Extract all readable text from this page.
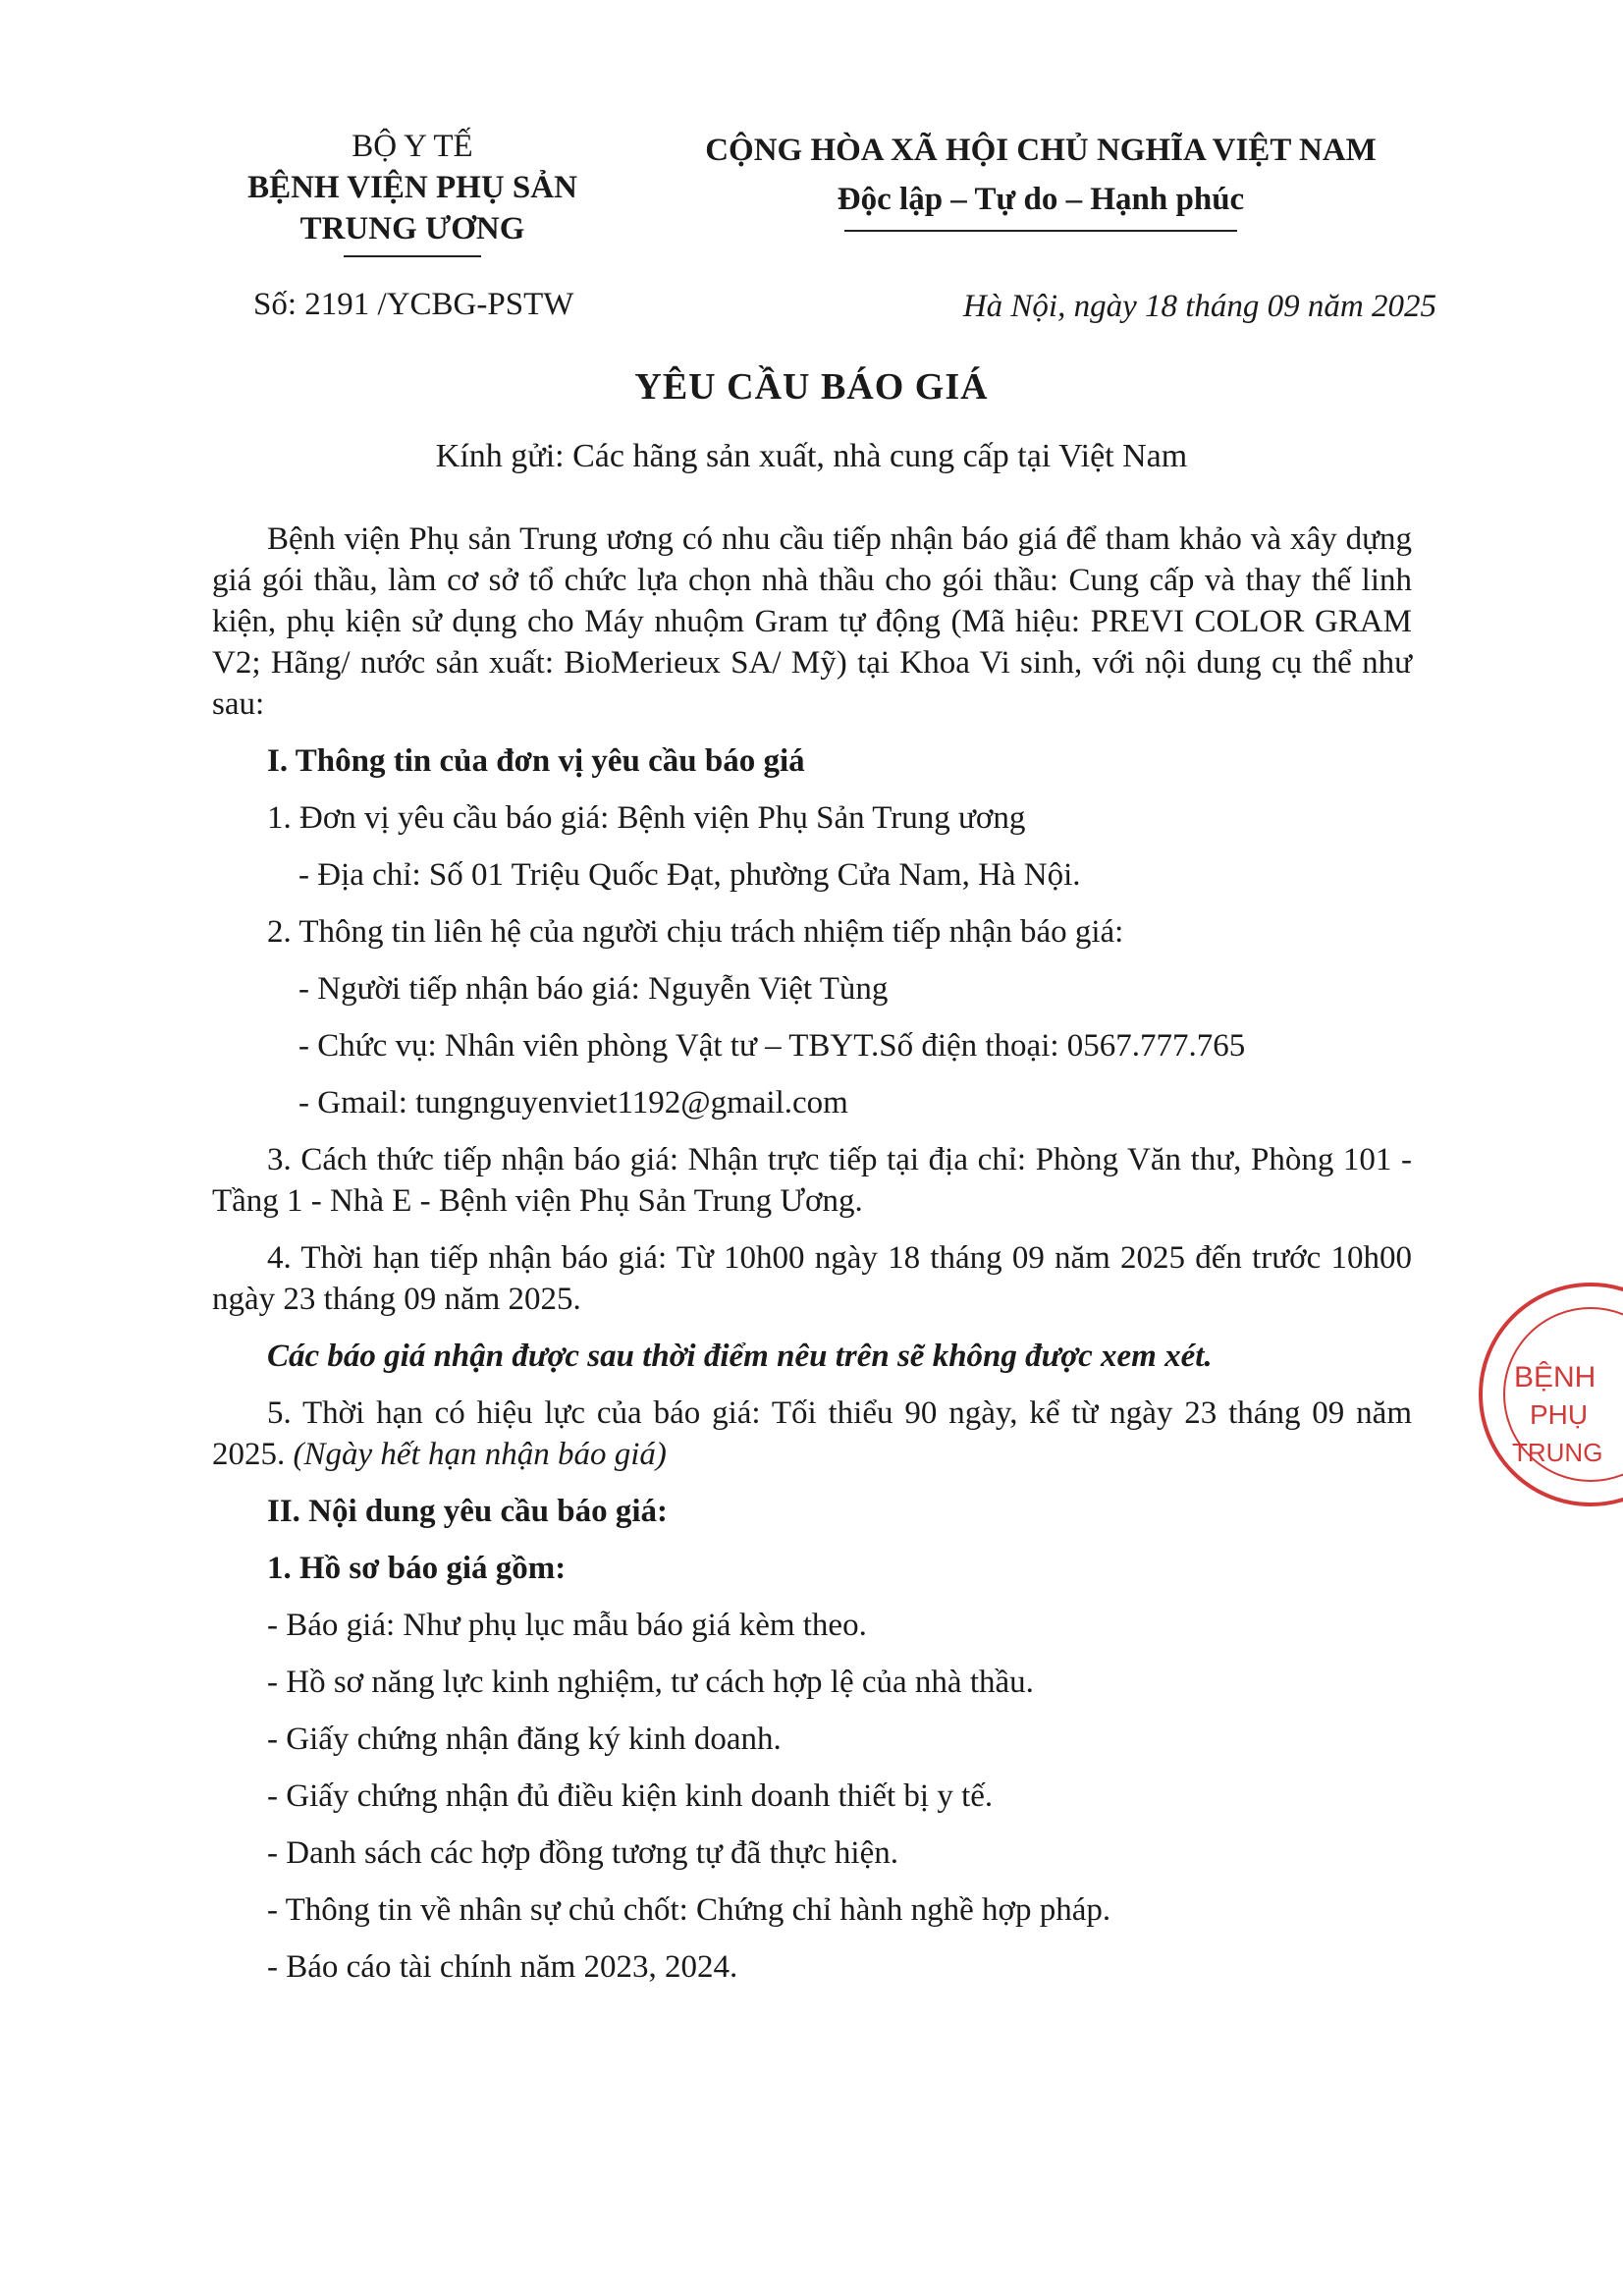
BỘ Y TẾ
BỆNH VIỆN PHỤ SẢN
TRUNG ƯƠNG
CỘNG HÒA XÃ HỘI CHỦ NGHĨA VIỆT NAM
Độc lập – Tự do – Hạnh phúc
Số: 2191 /YCBG-PSTW	Hà Nội, ngày 18 tháng 09 năm 2025
YÊU CẦU BÁO GIÁ
Kính gửi: Các hãng sản xuất, nhà cung cấp tại Việt Nam

Bệnh viện Phụ sản Trung ương có nhu cầu tiếp nhận báo giá để tham khảo và xây dựng giá gói thầu, làm cơ sở tổ chức lựa chọn nhà thầu cho gói thầu: Cung cấp và thay thế linh kiện, phụ kiện sử dụng cho Máy nhuộm Gram tự động (Mã hiệu: PREVI COLOR GRAM V2; Hãng/ nước sản xuất: BioMerieux SA/ Mỹ) tại Khoa Vi sinh, với nội dung cụ thể như sau:

I. Thông tin của đơn vị yêu cầu báo giá

1. Đơn vị yêu cầu báo giá: Bệnh viện Phụ Sản Trung ương

- Địa chỉ: Số 01 Triệu Quốc Đạt, phường Cửa Nam, Hà Nội.

2. Thông tin liên hệ của người chịu trách nhiệm tiếp nhận báo giá:

- Người tiếp nhận báo giá: Nguyễn Việt Tùng

- Chức vụ: Nhân viên phòng Vật tư – TBYT.Số điện thoại: 0567.777.765

- Gmail: tungnguyenviet1192@gmail.com

3. Cách thức tiếp nhận báo giá: Nhận trực tiếp tại địa chỉ: Phòng Văn thư, Phòng 101 - Tầng 1 - Nhà E - Bệnh viện Phụ Sản Trung Ương.

4. Thời hạn tiếp nhận báo giá: Từ 10h00 ngày 18 tháng 09 năm 2025 đến trước 10h00 ngày 23 tháng 09 năm 2025.

Các báo giá nhận được sau thời điểm nêu trên sẽ không được xem xét.

5. Thời hạn có hiệu lực của báo giá: Tối thiểu 90 ngày, kể từ ngày 23 tháng 09 năm 2025. (Ngày hết hạn nhận báo giá)

II. Nội dung yêu cầu báo giá:

1. Hồ sơ báo giá gồm:

- Báo giá: Như phụ lục mẫu báo giá kèm theo.

- Hồ sơ năng lực kinh nghiệm, tư cách hợp lệ của nhà thầu.

- Giấy chứng nhận đăng ký kinh doanh.

- Giấy chứng nhận đủ điều kiện kinh doanh thiết bị y tế.

- Danh sách các hợp đồng tương tự đã thực hiện.

- Thông tin về nhân sự chủ chốt: Chứng chỉ hành nghề hợp pháp.

- Báo cáo tài chính năm 2023, 2024.

BỆNH
PHỤ
TRUNG
